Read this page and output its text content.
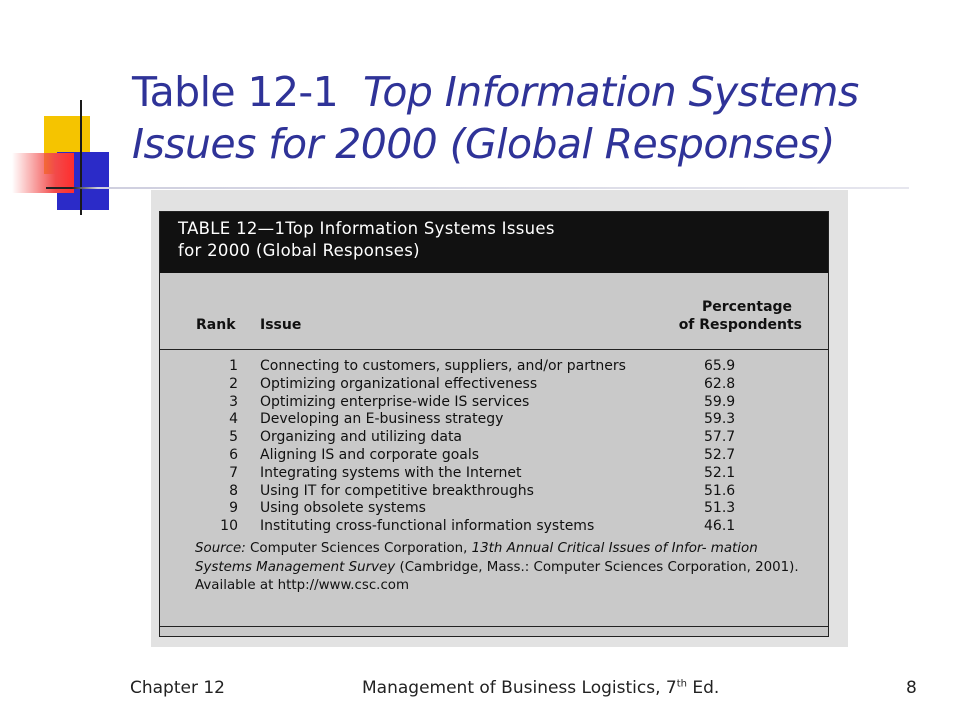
Table 12-1 Top Information Systems Issues for 2000 (Global Responses)
TABLE 12—1Top Information Systems Issues
for 2000 (Global Responses)
Rank Issue
Percentage
of Respondents
1 Connecting to customers, suppliers, and/or partners	65.9
2 Optimizing organizational effectiveness	62.8
3 Optimizing enterprise-wide IS services	59.9
4 Developing an E-business strategy	59.3
5 Organizing and utilizing data	57.7
6 Aligning IS and corporate goals	52.7
7 Integrating systems with the Internet	52.1
8 Using IT for competitive breakthroughs	51.6
9 Using obsolete systems	51.3
10 Instituting cross-functional information systems	46.1
Source: Computer Sciences Corporation, 13th Annual Critical Issues of Infor- mation Systems Management Survey (Cambridge, Mass.: Computer Sciences Corporation, 2001). Available at http://www.csc.com
Chapter 12	Management of Business Logistics, 7th Ed.	8
